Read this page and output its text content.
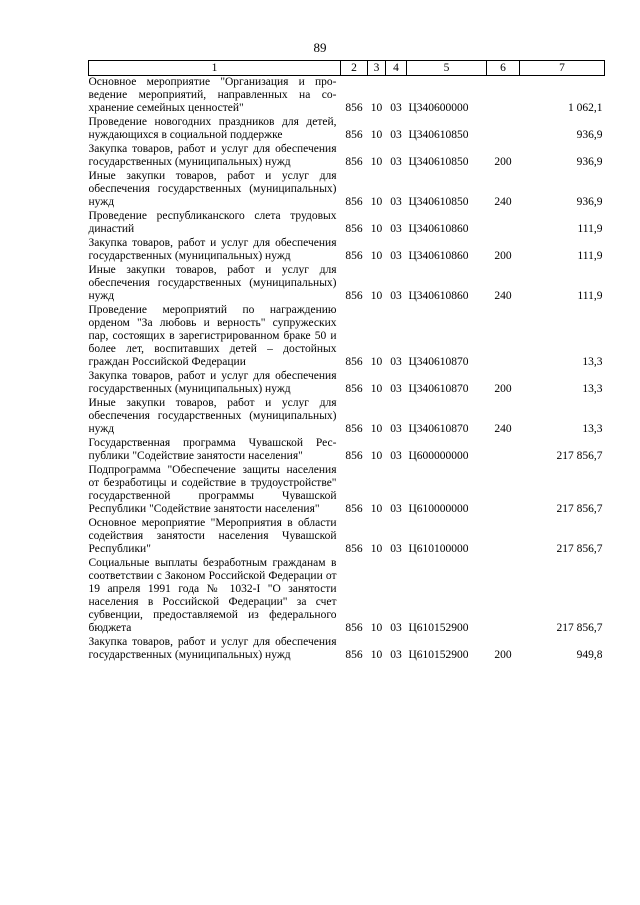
89
1	2	3	4	5	6	7
Основное мероприятие "Организация и проведение мероприятий, направленных на сохранение семейных ценностей"	856	10	03	Ц340600000		1 062,1
Проведение новогодних праздников для детей, нуждающихся в социальной поддержке	856	10	03	Ц340610850		936,9
Закупка товаров, работ и услуг для обеспечения государственных (муниципальных) нужд	856	10	03	Ц340610850	200	936,9
Иные закупки товаров, работ и услуг для обеспечения государственных (муниципальных) нужд	856	10	03	Ц340610850	240	936,9
Проведение республиканского слета трудовых династий	856	10	03	Ц340610860		111,9
Закупка товаров, работ и услуг для обеспечения государственных (муниципальных) нужд	856	10	03	Ц340610860	200	111,9
Иные закупки товаров, работ и услуг для обеспечения государственных (муниципальных) нужд	856	10	03	Ц340610860	240	111,9
Проведение мероприятий по награждению орденом "За любовь и верность" супружеских пар, состоящих в зарегистрированном браке 50 и более лет, воспитавших детей – достойных граждан Российской Федерации	856	10	03	Ц340610870		13,3
Закупка товаров, работ и услуг для обеспечения государственных (муниципальных) нужд	856	10	03	Ц340610870	200	13,3
Иные закупки товаров, работ и услуг для обеспечения государственных (муниципальных) нужд	856	10	03	Ц340610870	240	13,3
Государственная программа Чувашской Республики "Содействие занятости населения"	856	10	03	Ц600000000		217 856,7
Подпрограмма "Обеспечение защиты населения от безработицы и содействие в трудоустройстве" государственной программы Чувашской Республики "Содействие занятости населения"	856	10	03	Ц610000000		217 856,7
Основное мероприятие "Мероприятия в области содействия занятости населения Чувашской Республики"	856	10	03	Ц610100000		217 856,7
Социальные выплаты безработным гражданам в соответствии с Законом Российской Федерации от 19 апреля 1991 года № 1032-I "О занятости населения в Российской Федерации" за счет субвенции, предоставляемой из федерального бюджета	856	10	03	Ц610152900		217 856,7
Закупка товаров, работ и услуг для обеспечения государственных (муниципальных) нужд	856	10	03	Ц610152900	200	949,8
